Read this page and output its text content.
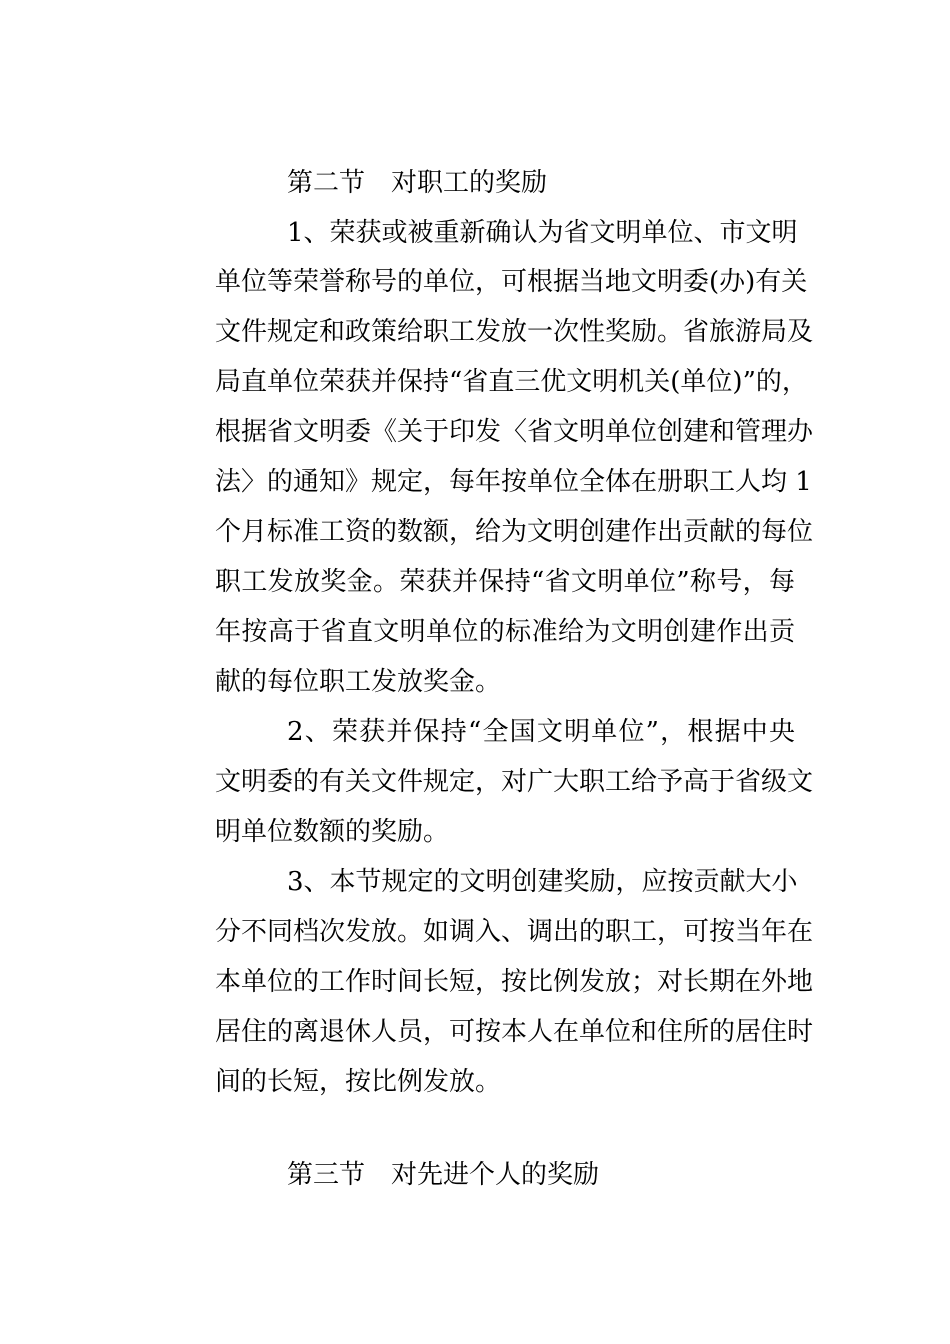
第二节 对职工的奖励
1、荣获或被重新确认为省文明单位、市文明
单位等荣誉称号的单位，可根据当地文明委(办)有关
文件规定和政策给职工发放一次性奖励。省旅游局及
局直单位荣获并保持“省直三优文明机关(单位)”的，
根据省文明委《关于印发〈省文明单位创建和管理办
法〉的通知》规定，每年按单位全体在册职工人均 1
个月标准工资的数额，给为文明创建作出贡献的每位
职工发放奖金。荣获并保持“省文明单位”称号，每
年按高于省直文明单位的标准给为文明创建作出贡
献的每位职工发放奖金。
2、荣获并保持“全国文明单位”，根据中央
文明委的有关文件规定，对广大职工给予高于省级文
明单位数额的奖励。
3、本节规定的文明创建奖励，应按贡献大小
分不同档次发放。如调入、调出的职工，可按当年在
本单位的工作时间长短，按比例发放；对长期在外地
居住的离退休人员，可按本人在单位和住所的居住时
间的长短，按比例发放。
第三节 对先进个人的奖励
